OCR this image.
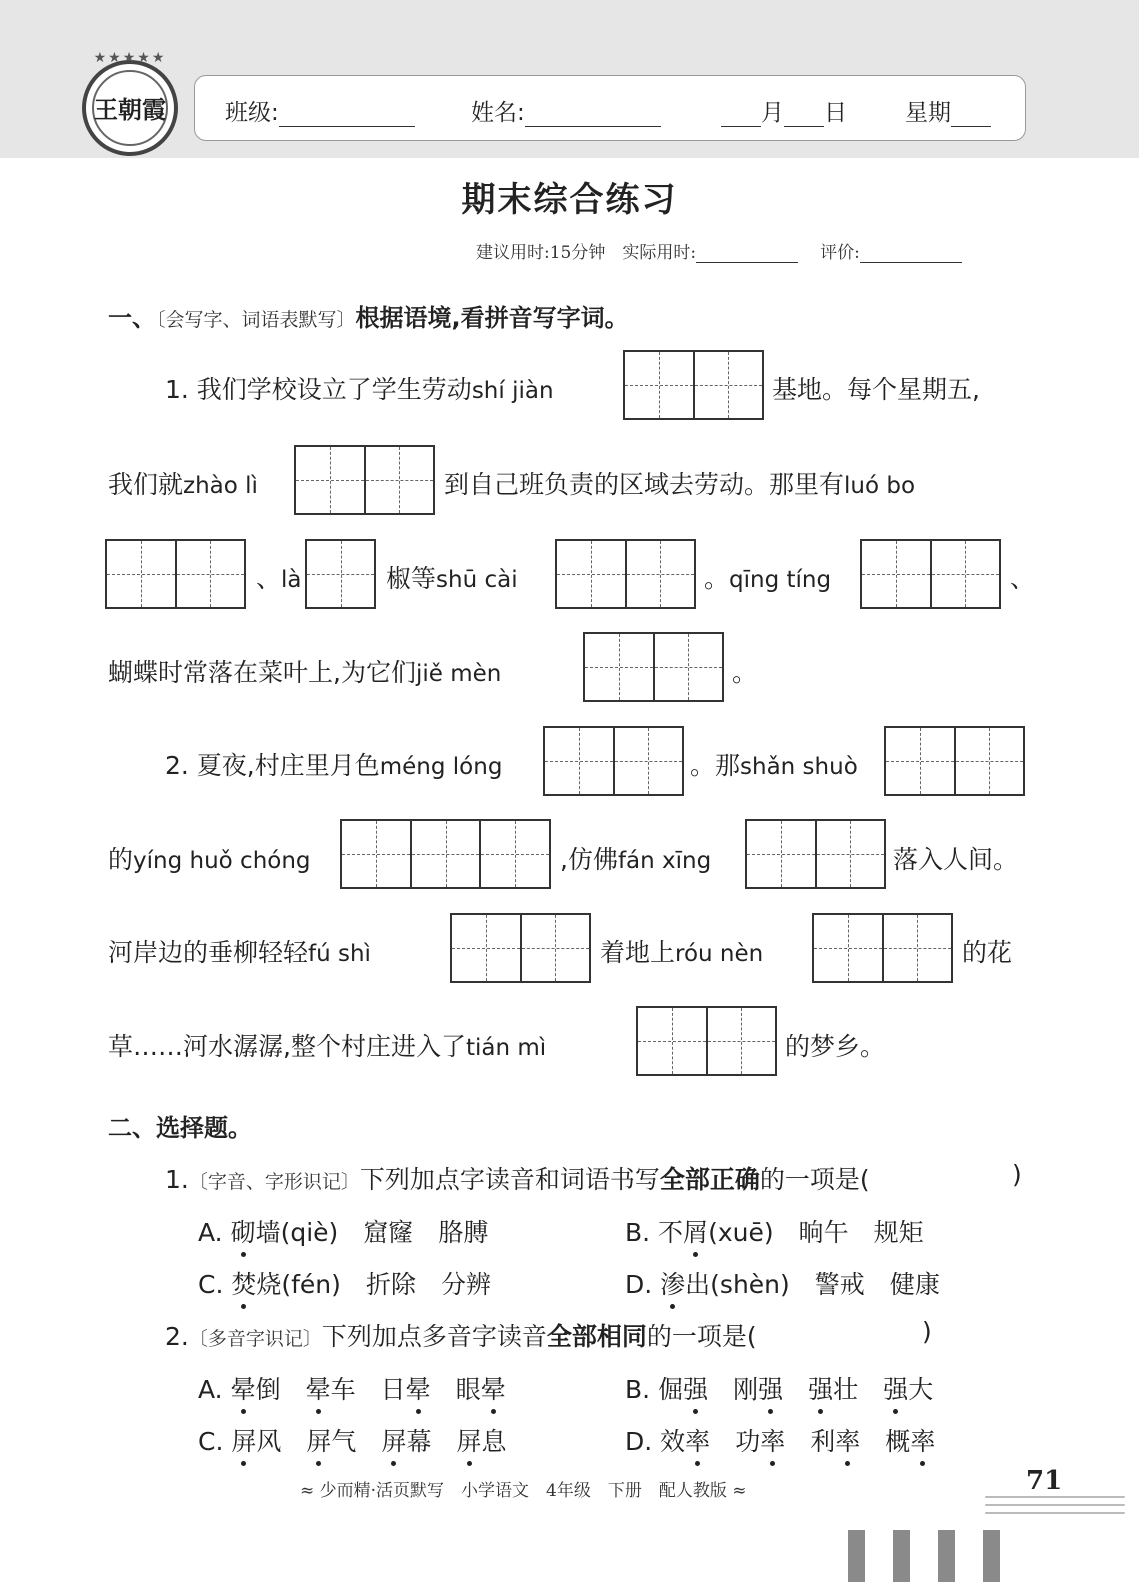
★★★★★
王朝霞	班级:	姓名:	月 日	星期
期末综合练习
建议用时:15分钟　 实际用时:	评价:
一、〔会写字、词语表默写〕根据语境,看拼音写字词。
1. 我们学校设立了学生劳动shí jiàn	基地。每个星期五,
我们就zhào lì	到自己班负责的区域去劳动。那里有luó bo
、là	椒等shū cài	。qīng tíng	、
蝴蝶时常落在菜叶上,为它们jiě mèn	。
2. 夏夜,村庄里月色méng lóng	。那shǎn shuò
的yíng huǒ chóng	,仿佛fán xīng	落入人间。
河岸边的垂柳轻轻fú shì	着地上róu nèn	的花
草……河水潺潺,整个村庄进入了tián mì	的梦乡。
二、选择题。
1.〔字音、字形识记〕下列加点字读音和词语书写全部正确的一项是(	)
A. 砌墙(qiè)　 窟窿　 胳膊	B. 不屑(xuē)　 晌午　 规矩
C. 焚烧(fén)　 折除　 分辨	D. 渗出(shèn)　 警戒　 健康
2.〔多音字识记〕下列加点多音字读音全部相同的一项是(	)
A. 晕倒　 晕车　 日晕　 眼晕	B. 倔强　 刚强　 强壮　 强大
C. 屏风　 屏气　 屏幕　 屏息	D. 效率　 功率　 利率　 概率
≈ 少而精·活页默写　小学语文　4年级　下册　配人教版 ≈	71
